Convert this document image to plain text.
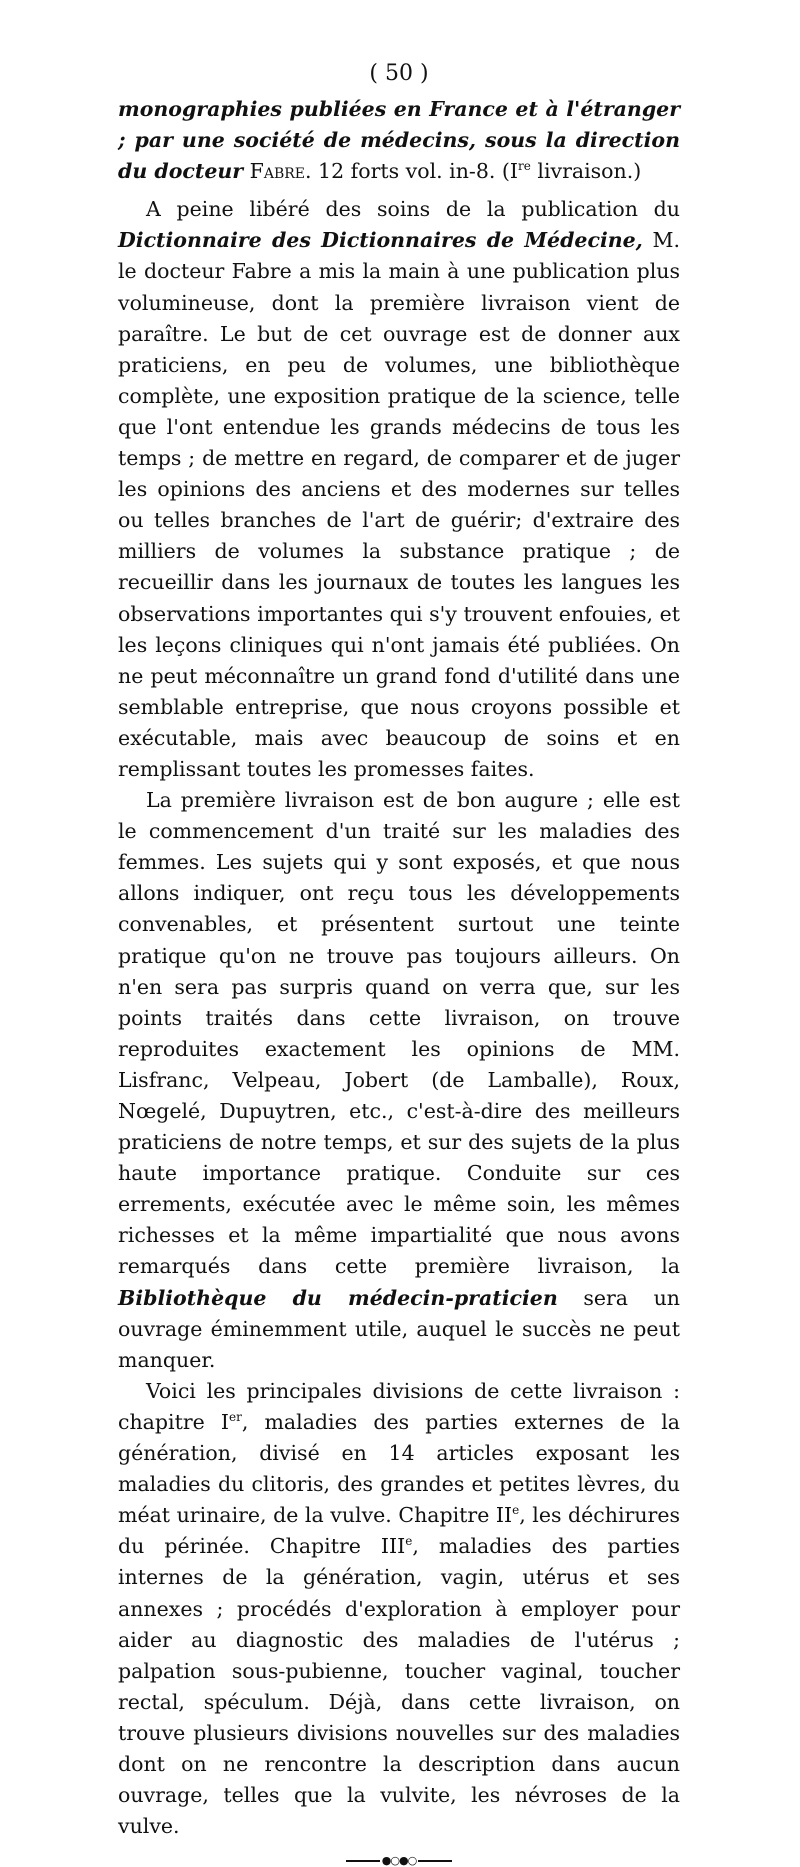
( 50 )

monographies publiées en France et à l'étranger ; par une société de médecins, sous la direction du docteur Fabre. 12 forts vol. in-8. (Ire livraison.)

A peine libéré des soins de la publication du Dictionnaire des Dictionnaires de Médecine, M. le docteur Fabre a mis la main à une publication plus volumineuse, dont la première livraison vient de paraître. Le but de cet ouvrage est de donner aux praticiens, en peu de volumes, une bibliothèque complète, une exposition pratique de la science, telle que l'ont entendue les grands médecins de tous les temps ; de mettre en regard, de comparer et de juger les opinions des anciens et des modernes sur telles ou telles branches de l'art de guérir; d'extraire des milliers de volumes la substance pratique ; de recueillir dans les journaux de toutes les langues les observations importantes qui s'y trouvent enfouies, et les leçons cliniques qui n'ont jamais été publiées. On ne peut méconnaître un grand fond d'utilité dans une semblable entreprise, que nous croyons possible et exécutable, mais avec beaucoup de soins et en remplissant toutes les promesses faites.

La première livraison est de bon augure ; elle est le commencement d'un traité sur les maladies des femmes. Les sujets qui y sont exposés, et que nous allons indiquer, ont reçu tous les développements convenables, et présentent surtout une teinte pratique qu'on ne trouve pas toujours ailleurs. On n'en sera pas surpris quand on verra que, sur les points traités dans cette livraison, on trouve reproduites exactement les opinions de MM. Lisfranc, Velpeau, Jobert (de Lamballe), Roux, Nœgelé, Dupuytren, etc., c'est-à-dire des meilleurs praticiens de notre temps, et sur des sujets de la plus haute importance pratique. Conduite sur ces errements, exécutée avec le même soin, les mêmes richesses et la même impartialité que nous avons remarqués dans cette première livraison, la Bibliothèque du médecin-praticien sera un ouvrage éminemment utile, auquel le succès ne peut manquer.

Voici les principales divisions de cette livraison : chapitre Ier, maladies des parties externes de la génération, divisé en 14 articles exposant les maladies du clitoris, des grandes et petites lèvres, du méat urinaire, de la vulve. Chapitre IIe, les déchirures du périnée. Chapitre IIIe, maladies des parties internes de la génération, vagin, utérus et ses annexes ; procédés d'exploration à employer pour aider au diagnostic des maladies de l'utérus ; palpation sous-pubienne, toucher vaginal, toucher rectal, spéculum. Déjà, dans cette livraison, on trouve plusieurs divisions nouvelles sur des maladies dont on ne rencontre la description dans aucun ouvrage, telles que la vulvite, les névroses de la vulve.

●○●○
